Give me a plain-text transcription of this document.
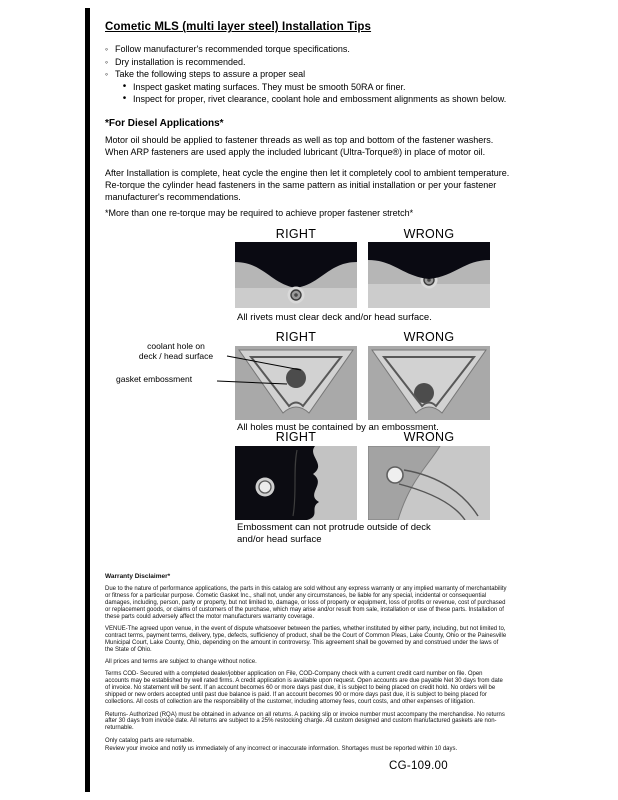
Cometic MLS (multi layer steel) Installation Tips
◦ Follow manufacturer's recommended torque specifications.
◦ Dry installation is recommended.
◦ Take the following steps to assure a proper seal
• Inspect gasket mating surfaces. They must be smooth 50RA or finer.
• Inspect for proper, rivet clearance, coolant hole and embossment alignments as shown below.
*For Diesel Applications*
Motor oil should be applied to fastener threads as well as top and bottom of the fastener washers. When ARP fasteners are used apply the included lubricant (Ultra-Torque®) in place of motor oil.
After Installation is complete, heat cycle the engine then let it completely cool to ambient temperature. Re-torque the cylinder head fasteners in the same pattern as initial installation or per your fastener manufacturer's recommendations.
*More than one re-torque may be required to achieve proper fastener stretch*
RIGHT	WRONG
All rivets must clear deck and/or head surface.
RIGHT	WRONG
coolant hole on
deck / head surface
gasket embossment
All holes must be contained by an embossment.
RIGHT	WRONG
Embossment can not protrude outside of deck and/or head surface
Warranty Disclaimer*
Due to the nature of performance applications, the parts in this catalog are sold without any express warranty or any implied warranty of merchantability or fitness for a particular purpose. Cometic Gasket Inc., shall not, under any circumstances, be liable for any special, incidental or consequential damages, including, person, party or property, but not limited to, damage, or loss of property or equipment, loss of profits or revenue, cost of purchased or replacement goods, or claims of customers of the purchase, which may arise and/or result from sale, installation or use of these parts. Installation of these parts could adversely affect the motor manufacturers warranty coverage.
VENUE-The agreed upon venue, in the event of dispute whatsoever between the parties, whether instituted by either party, including, but not limited to, contract terms, payment terms, delivery, type, defects, sufficiency of product, shall be the Court of Common Pleas, Lake County, Ohio or the Painesville Municipal Court, Lake County, Ohio, depending on the amount in controversy. This agreement shall be governed by and construed under the laws of the State of Ohio.
All prices and terms are subject to change without notice.
Terms COD- Secured with a completed dealer/jobber application on File, COD-Company check with a current credit card number on file. Open accounts may be established by well rated firms. A credit application is available upon request. Open accounts are due payable Net 30 days from date of invoice. No statement will be sent. If an account becomes 60 or more days past due, it is subject to being placed on credit hold. No orders will be shipped or new orders accepted until past due balance is paid. If an account becomes 90 or more days past due, it is subject to being placed for collections. All costs of collection are the responsibility of the customer, including attorney fees, court costs, and other expenses of litigation.
Returns- Authorized (RQA) must be obtained in advance on all returns. A packing slip or invoice number must accompany the merchandise. No returns after 30 days from invoice date. All returns are subject to a 25% restocking charge. All custom designed and custom manufactured gaskets are non-returnable.
Only catalog parts are returnable.
Review your invoice and notify us immediately of any incorrect or inaccurate information. Shortages must be reported within 10 days.
CG-109.00
